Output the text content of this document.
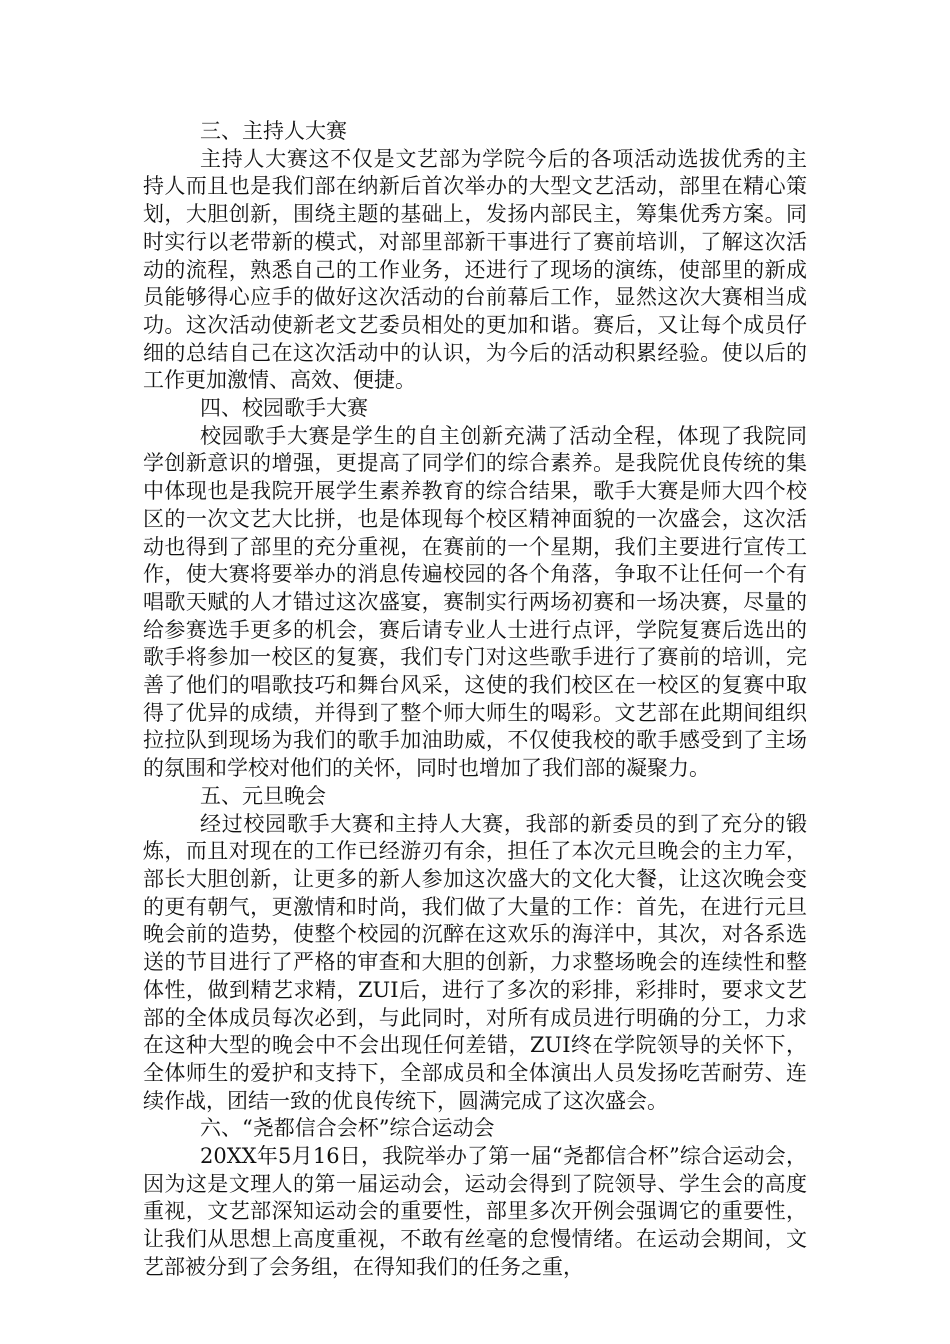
三、主持人大赛

主持人大赛这不仅是文艺部为学院今后的各项活动选拔优秀的主持人而且也是我们部在纳新后首次举办的大型文艺活动，部里在精心策划，大胆创新，围绕主题的基础上，发扬内部民主，筹集优秀方案。同时实行以老带新的模式，对部里部新干事进行了赛前培训，了解这次活动的流程，熟悉自己的工作业务，还进行了现场的演练，使部里的新成员能够得心应手的做好这次活动的台前幕后工作，显然这次大赛相当成功。这次活动使新老文艺委员相处的更加和谐。赛后，又让每个成员仔细的总结自己在这次活动中的认识，为今后的活动积累经验。使以后的工作更加激情、高效、便捷。

四、校园歌手大赛

校园歌手大赛是学生的自主创新充满了活动全程，体现了我院同学创新意识的增强，更提高了同学们的综合素养。是我院优良传统的集中体现也是我院开展学生素养教育的综合结果，歌手大赛是师大四个校区的一次文艺大比拼，也是体现每个校区精神面貌的一次盛会，这次活动也得到了部里的充分重视，在赛前的一个星期，我们主要进行宣传工作，使大赛将要举办的消息传遍校园的各个角落，争取不让任何一个有唱歌天赋的人才错过这次盛宴，赛制实行两场初赛和一场决赛，尽量的给参赛选手更多的机会，赛后请专业人士进行点评，学院复赛后选出的歌手将参加一校区的复赛，我们专门对这些歌手进行了赛前的培训，完善了他们的唱歌技巧和舞台风采，这使的我们校区在一校区的复赛中取得了优异的成绩，并得到了整个师大师生的喝彩。文艺部在此期间组织拉拉队到现场为我们的歌手加油助威，不仅使我校的歌手感受到了主场的氛围和学校对他们的关怀，同时也增加了我们部的凝聚力。

五、元旦晚会

经过校园歌手大赛和主持人大赛，我部的新委员的到了充分的锻炼，而且对现在的工作已经游刃有余，担任了本次元旦晚会的主力军，部长大胆创新，让更多的新人参加这次盛大的文化大餐，让这次晚会变的更有朝气，更激情和时尚，我们做了大量的工作：首先，在进行元旦晚会前的造势，使整个校园的沉醉在这欢乐的海洋中，其次，对各系选送的节目进行了严格的审查和大胆的创新，力求整场晚会的连续性和整体性，做到精艺求精，ZUI后，进行了多次的彩排，彩排时，要求文艺部的全体成员每次必到，与此同时，对所有成员进行明确的分工，力求在这种大型的晚会中不会出现任何差错，ZUI终在学院领导的关怀下，全体师生的爱护和支持下，全部成员和全体演出人员发扬吃苦耐劳、连续作战，团结一致的优良传统下，圆满完成了这次盛会。

六、“尧都信合会杯”综合运动会

20XX年5月16日，我院举办了第一届“尧都信合杯”综合运动会，因为这是文理人的第一届运动会，运动会得到了院领导、学生会的高度重视，文艺部深知运动会的重要性，部里多次开例会强调它的重要性，让我们从思想上高度重视，不敢有丝毫的怠慢情绪。在运动会期间，文艺部被分到了会务组，在得知我们的任务之重，
